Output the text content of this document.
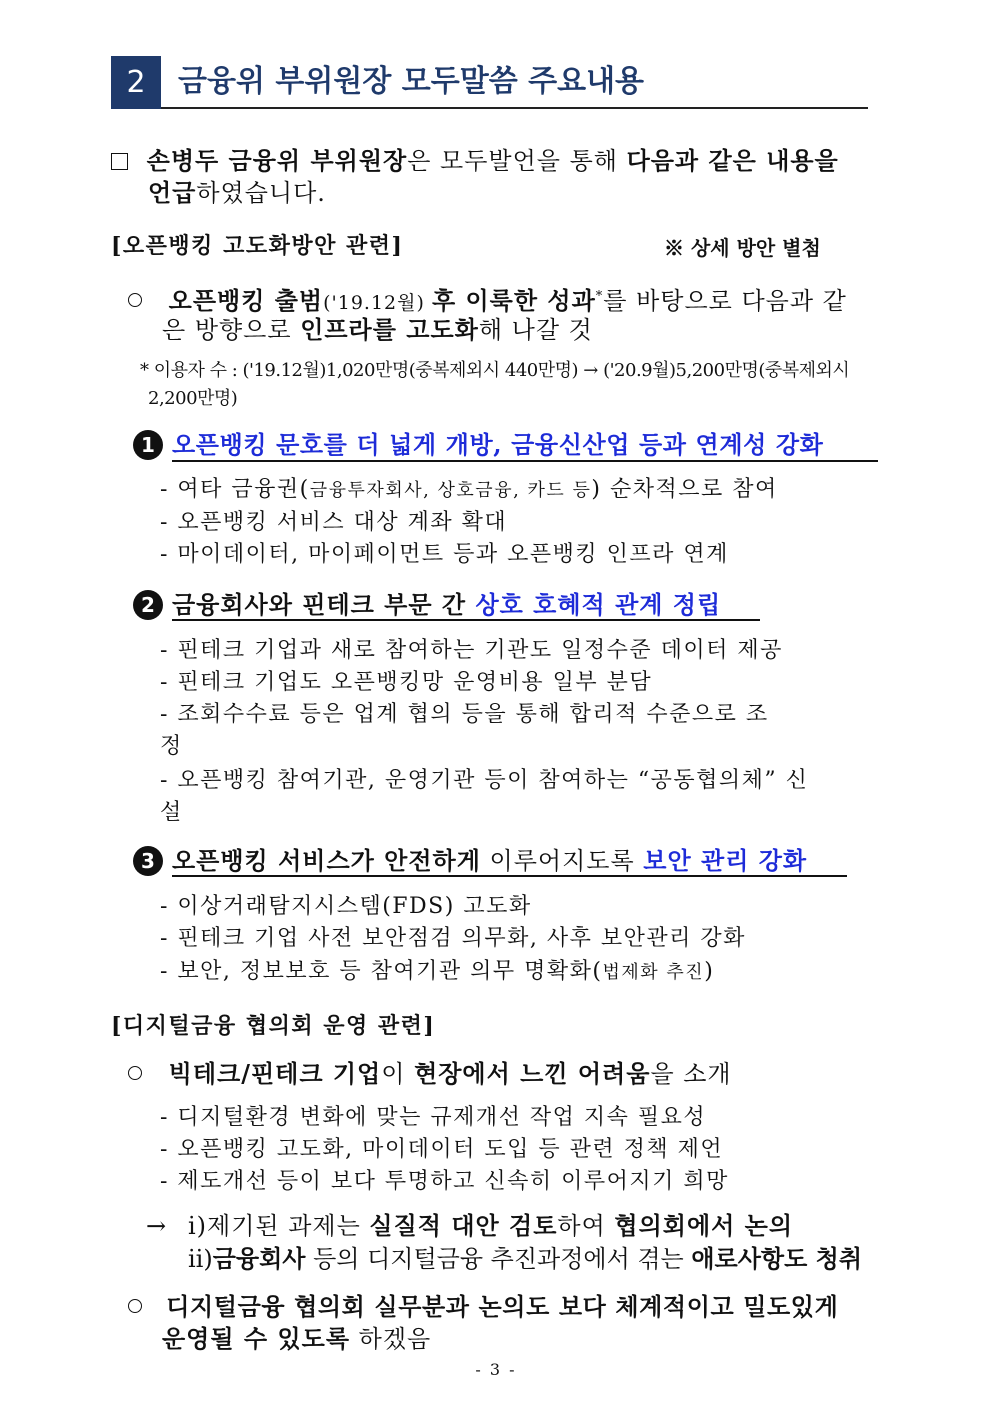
2	금융위 부위원장 모두말씀 주요내용
손병두 금융위 부위원장은 모두발언을 통해 다음과 같은 내용을
언급하였습니다.
[오픈뱅킹 고도화방안 관련]	※ 상세 방안 별첨
오픈뱅킹 출범('19.12월) 후 이룩한 성과*를 바탕으로 다음과 같
은 방향으로 인프라를 고도화해 나갈 것
* 이용자 수 : ('19.12월)1,020만명(중복제외시 440만명) → ('20.9월)5,200만명(중복제외시
2,200만명)
1 오픈뱅킹 문호를 더 넓게 개방, 금융신산업 등과 연계성 강화
- 여타 금융권(금융투자회사, 상호금융, 카드 등) 순차적으로 참여
- 오픈뱅킹 서비스 대상 계좌 확대
- 마이데이터, 마이페이먼트 등과 오픈뱅킹 인프라 연계
2 금융회사와 핀테크 부문 간 상호 호혜적 관계 정립
- 핀테크 기업과 새로 참여하는 기관도 일정수준 데이터 제공
- 핀테크 기업도 오픈뱅킹망 운영비용 일부 분담
- 조회수수료 등은 업계 협의 등을 통해 합리적 수준으로 조
정
- 오픈뱅킹 참여기관, 운영기관 등이 참여하는 “공동협의체” 신
설
3 오픈뱅킹 서비스가 안전하게 이루어지도록 보안 관리 강화
- 이상거래탐지시스템(FDS) 고도화
- 핀테크 기업 사전 보안점검 의무화, 사후 보안관리 강화
- 보안, 정보보호 등 참여기관 의무 명확화(법제화 추진)
[디지털금융 협의회 운영 관련]
빅테크/핀테크 기업이 현장에서 느낀 어려움을 소개
- 디지털환경 변화에 맞는 규제개선 작업 지속 필요성
- 오픈뱅킹 고도화, 마이데이터 도입 등 관련 정책 제언
- 제도개선 등이 보다 투명하고 신속히 이루어지기 희망
→ ⅰ)제기된 과제는 실질적 대안 검토하여 협의회에서 논의
ⅱ)금융회사 등의 디지털금융 추진과정에서 겪는 애로사항도 청취
디지털금융 협의회 실무분과 논의도 보다 체계적이고 밀도있게
운영될 수 있도록 하겠음
- 3 -
